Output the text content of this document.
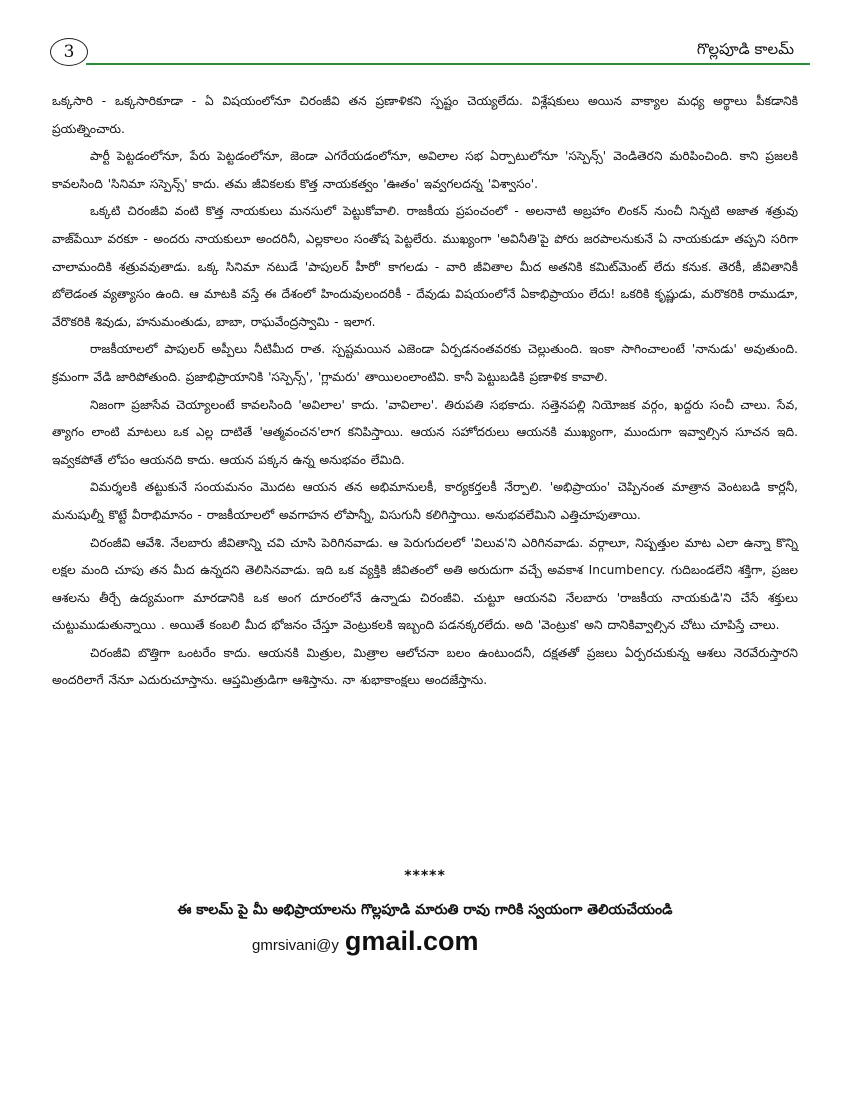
3	గొల్లపూడి కాలమ్

ఒక్కసారి - ఒక్కసారికూడా - ఏ విషయంలోనూ చిరంజీవి తన ప్రణాళికని స్పష్టం చెయ్యలేదు. విశ్లేషకులు అయిన వాక్యాల మధ్య అర్థాలు పీకడానికి ప్రయత్నించారు.

పార్టీ పెట్టడంలోనూ, పేరు పెట్టడంలోనూ, జెండా ఎగరేయడంలోనూ, అవిలాల సభ ఏర్పాటులోనూ 'సస్పెన్స్' వెండితెరని మరిపించింది. కాని ప్రజలకి కావలసింది 'సినిమా సస్పెన్స్' కాదు. తమ జీవికలకు కొత్త నాయకత్వం 'ఊతం' ఇవ్వగలదన్న 'విశ్వాసం'.

ఒక్కటి చిరంజీవి వంటి కొత్త నాయకులు మనసులో పెట్టుకోవాలి. రాజకీయ ప్రపంచంలో - అలనాటి అబ్రహాం లింకన్ నుంచీ నిన్నటి అజాత శత్రువు వాజ్‌పేయీ వరకూ - అందరు నాయకులూ అందరినీ, ఎల్లకాలం సంతోష పెట్టలేరు. ముఖ్యంగా 'అవినీతి'పై పోరు జరపాలనుకునే ఏ నాయకుడూ తప్పని సరిగా చాలామందికి శత్రువవుతాడు. ఒక్క సినిమా నటుడే 'పాపులర్ హీరో' కాగలడు - వారి జీవితాల మీద అతనికి కమిట్‌మెంట్ లేదు కనుక. తెరకీ, జీవితానికీ బోలెడంత వ్యత్యాసం ఉంది. ఆ మాటకి వస్తే ఈ దేశంలో హిందువులందరికీ - దేవుడు విషయంలోనే ఏకాభిప్రాయం లేదు! ఒకరికి కృష్ణుడు, మరొకరికి రాముడూ, వేరొకరికి శివుడు, హనుమంతుడు, బాబా, రాఘవేంద్రస్వామి - ఇలాగ.

రాజకీయాలలో పాపులర్ అప్పీలు నీటిమీద రాత. స్పష్టమయిన ఎజెండా ఏర్పడనంతవరకు చెల్లుతుంది. ఇంకా సాగించాలంటే 'నానుడు' అవుతుంది. క్రమంగా వేడి జారిపోతుంది. ప్రజాభిప్రాయానికి 'సస్పెన్స్', 'గ్లామరు' తాయిలంలాంటివి. కానీ పెట్టుబడికి ప్రణాళిక కావాలి.

నిజంగా ప్రజాసేవ చెయ్యాలంటే కావలసింది 'అవిలాల' కాదు. 'వావిలాల'. తిరుపతి సభకాదు. సత్తెనపల్లి నియోజక వర్గం, ఖద్దరు సంచీ చాలు. సేవ, త్యాగం లాంటి మాటలు ఒక ఎల్ల దాటితే 'ఆత్మవంచన'లాగ కనిపిస్తాయి. ఆయన సహోదరులు ఆయనకి ముఖ్యంగా, ముందుగా ఇవ్వాల్సిన సూచన ఇది. ఇవ్వకపోతే లోపం ఆయనది కాదు. ఆయన పక్కన ఉన్న అనుభవం లేమిది.

విమర్శలకి తట్టుకునే సంయమనం మొదట ఆయన తన అభిమానులకీ, కార్యకర్తలకీ నేర్పాలి. 'అభిప్రాయం' చెప్పినంత మాత్రాన వెంటబడి కార్లనీ, మనుషుల్నీ కొట్టే వీరాభిమానం - రాజకీయాలలో అవగాహన లోపాన్నీ, విసుగునీ కలిగిస్తాయి. అనుభవలేమిని ఎత్తిచూపుతాయి.

చిరంజీవి ఆవేశి. నేలబారు జీవితాన్ని చవి చూసి పెరిగినవాడు. ఆ పెరుగుదలలో 'విలువ'ని ఎరిగినవాడు. వర్గాలూ, నిష్పత్తుల మాట ఎలా ఉన్నా కొన్ని లక్షల మంది చూపు తన మీద ఉన్నదని తెలిసినవాడు. ఇది ఒక వ్యక్తికి జీవితంలో అతి అరుదుగా వచ్చే అవకాశ Incumbency. గుదిబండలేని శక్తిగా, ప్రజల ఆశలను తీర్చే ఉద్యమంగా మారడానికి ఒక అంగ దూరంలోనే ఉన్నాడు చిరంజీవి. చుట్టూ ఆయనవి నేలబారు 'రాజకీయ నాయకుడి'ని చేసే శక్తులు చుట్టుముడుతున్నాయి . అయితే కంబలి మీద భోజనం చేస్తూ వెంట్రుకలకి ఇబ్బంది పడనక్కరలేదు. అది 'వెంట్రుక' అని దానికివ్వాల్సిన చోటు చూపిస్తే చాలు.

చిరంజీవి బొత్తిగా ఒంటరేం కాదు. ఆయనకి మిత్రుల, మిత్రాల ఆలోచనా బలం ఉంటుందనీ, దక్షతతో ప్రజలు ఏర్పరచుకున్న ఆశలు నెరవేరుస్తారని అందరిలాగే నేనూ ఎదురుచూస్తాను. ఆప్తమిత్రుడిగా ఆశిస్తాను. నా శుభాకాంక్షలు అందజేస్తాను.

*****
ఈ కాలమ్ పై మీ అభిప్రాయాలను గొల్లపూడి మారుతి రావు గారికి స్వయంగా తెలియచేయండి
gmrsivani@y gmail.com
